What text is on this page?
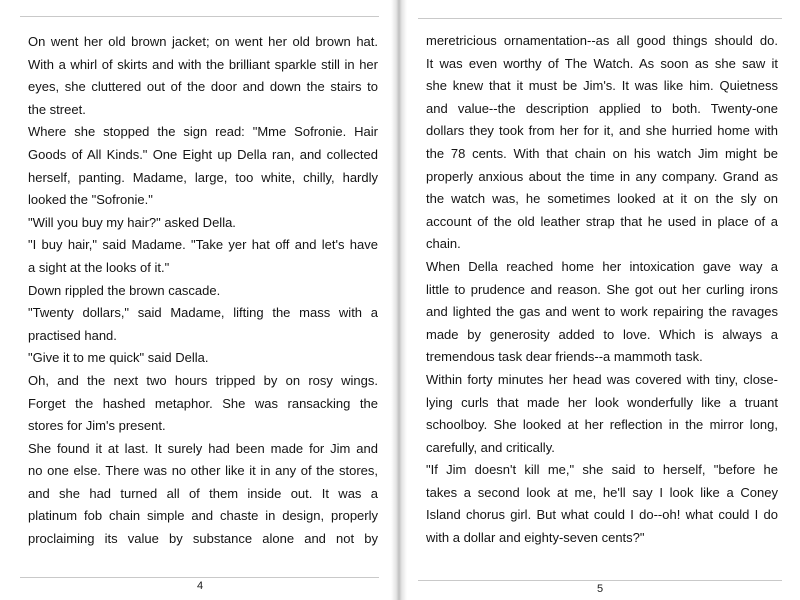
On went her old brown jacket; on went her old brown hat.
With a whirl of skirts and with the brilliant sparkle still in her
eyes, she cluttered out of the door and down the stairs to
the street.
Where she stopped the sign read: "Mme Sofronie. Hair
Goods of All Kinds." One Eight up Della ran, and collected
herself, panting. Madame, large, too white, chilly, hardly
looked the "Sofronie."
"Will you buy my hair?" asked Della.
"I buy hair," said Madame. "Take yer hat off and let's have
a sight at the looks of it."
Down rippled the brown cascade.
"Twenty dollars," said Madame, lifting the mass with a
practised hand.
"Give it to me quick" said Della.
Oh, and the next two hours tripped by on rosy wings.
Forget the hashed metaphor. She was ransacking the
stores for Jim's present.
She found it at last. It surely had been made for Jim and
no one else. There was no other like it in any of the stores,
and she had turned all of them inside out. It was a
platinum fob chain simple and chaste in design, properly
proclaiming its value by substance alone and not by
4
meretricious ornamentation--as all good things should do.
It was even worthy of The Watch. As soon as she saw it
she knew that it must be Jim's. It was like him. Quietness
and value--the description applied to both. Twenty-one
dollars they took from her for it, and she hurried home with
the 78 cents. With that chain on his watch Jim might be
properly anxious about the time in any company. Grand as
the watch was, he sometimes looked at it on the sly on
account of the old leather strap that he used in place of a
chain.
When Della reached home her intoxication gave way a
little to prudence and reason. She got out her curling irons
and lighted the gas and went to work repairing the ravages
made by generosity added to love. Which is always a
tremendous task dear friends--a mammoth task.
Within forty minutes her head was covered with tiny, close-
lying curls that made her look wonderfully like a truant
schoolboy. She looked at her reflection in the mirror long,
carefully, and critically.
"If Jim doesn't kill me," she said to herself, "before he
takes a second look at me, he'll say I look like a Coney
Island chorus girl. But what could I do--oh! what could I do
with a dollar and eighty-seven cents?"
5
